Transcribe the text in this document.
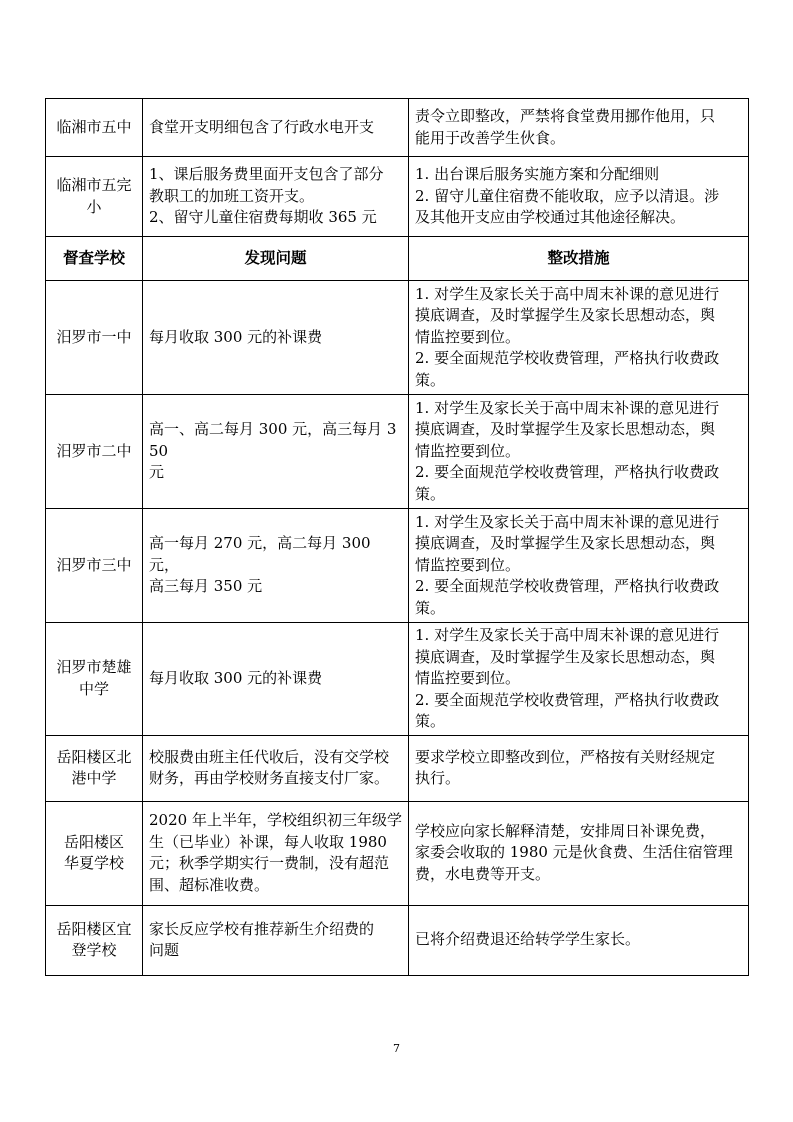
临湘市五中	食堂开支明细包含了行政水电开支	责令立即整改，严禁将食堂费用挪作他用，只
能用于改善学生伙食。

临湘市五完
小	1、课后服务费里面开支包含了部分
教职工的加班工资开支。
2、留守儿童住宿费每期收 365 元	1. 出台课后服务实施方案和分配细则
2. 留守儿童住宿费不能收取，应予以清退。涉
及其他开支应由学校通过其他途径解决。

督查学校	发现问题	整改措施

汨罗市一中	每月收取 300 元的补课费	1. 对学生及家长关于高中周末补课的意见进行
摸底调查，及时掌握学生及家长思想动态，舆
情监控要到位。
2. 要全面规范学校收费管理，严格执行收费政
策。

汨罗市二中	高一、高二每月 300 元，高三每月 350
元	1. 对学生及家长关于高中周末补课的意见进行
摸底调查，及时掌握学生及家长思想动态，舆
情监控要到位。
2. 要全面规范学校收费管理，严格执行收费政
策。

汨罗市三中	高一每月 270 元，高二每月 300 元，
高三每月 350 元	1. 对学生及家长关于高中周末补课的意见进行
摸底调查，及时掌握学生及家长思想动态，舆
情监控要到位。
2. 要全面规范学校收费管理，严格执行收费政
策。

汨罗市楚雄
中学	每月收取 300 元的补课费	1. 对学生及家长关于高中周末补课的意见进行
摸底调查，及时掌握学生及家长思想动态，舆
情监控要到位。
2. 要全面规范学校收费管理，严格执行收费政
策。

岳阳楼区北
港中学	校服费由班主任代收后，没有交学校
财务，再由学校财务直接支付厂家。	要求学校立即整改到位，严格按有关财经规定
执行。

岳阳楼区
华夏学校	2020 年上半年，学校组织初三年级学
生（已毕业）补课，每人收取 1980
元；秋季学期实行一费制，没有超范
围、超标准收费。	学校应向家长解释清楚，安排周日补课免费，
家委会收取的 1980 元是伙食费、生活住宿管理
费，水电费等开支。

岳阳楼区宜
登学校	家长反应学校有推荐新生介绍费的
问题	已将介绍费退还给转学学生家长。
7
